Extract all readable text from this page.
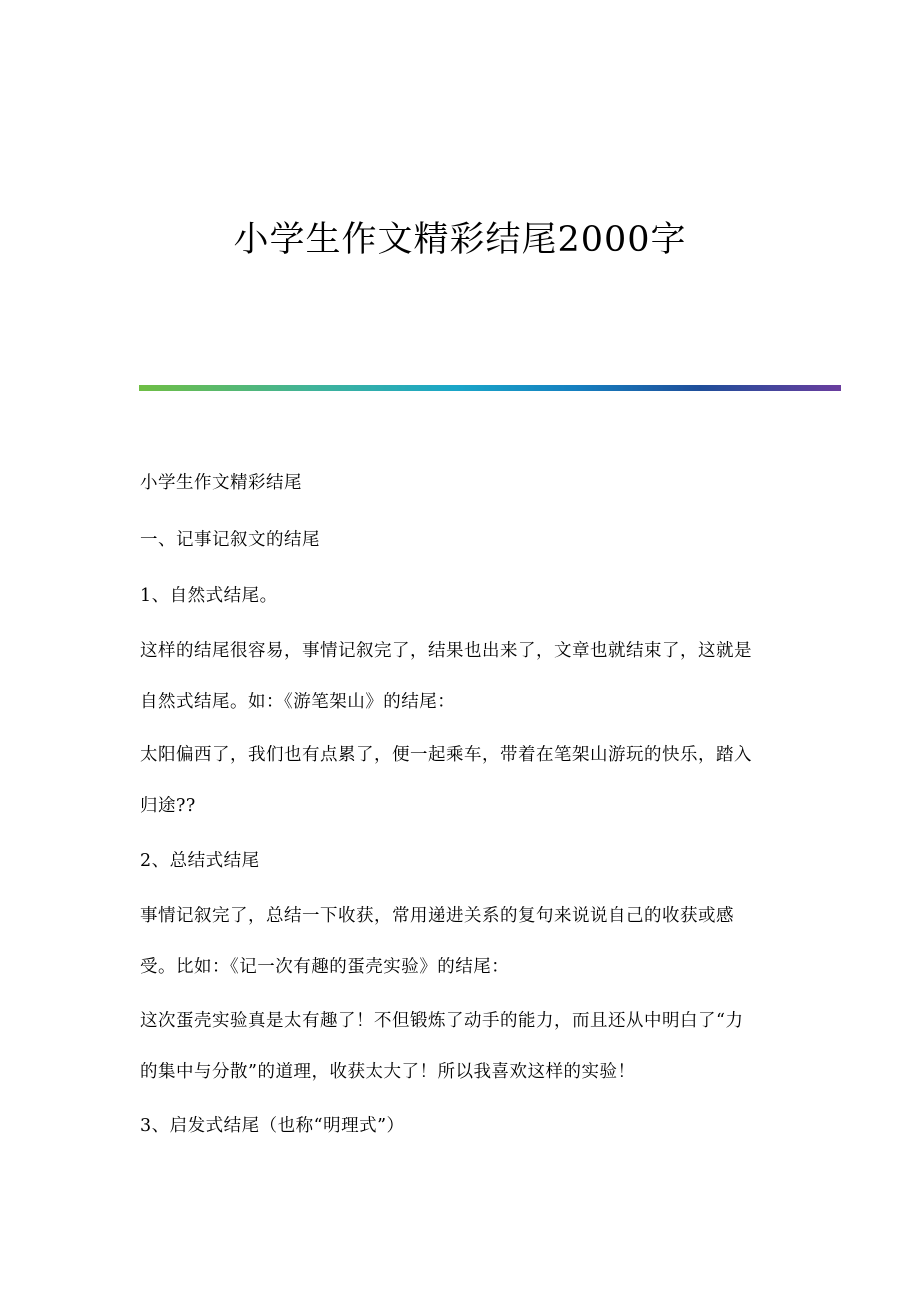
小学生作文精彩结尾2000字
小学生作文精彩结尾
一、记事记叙文的结尾
1、自然式结尾。
这样的结尾很容易，事情记叙完了，结果也出来了，文章也就结束了，这就是
自然式结尾。如：《游笔架山》的结尾：
太阳偏西了，我们也有点累了，便一起乘车，带着在笔架山游玩的快乐，踏入
归途??
2、总结式结尾
事情记叙完了，总结一下收获，常用递进关系的复句来说说自己的收获或感
受。比如：《记一次有趣的蛋壳实验》的结尾：
这次蛋壳实验真是太有趣了！不但锻炼了动手的能力，而且还从中明白了“力
的集中与分散”的道理，收获太大了！所以我喜欢这样的实验！
3、启发式结尾（也称“明理式”）
